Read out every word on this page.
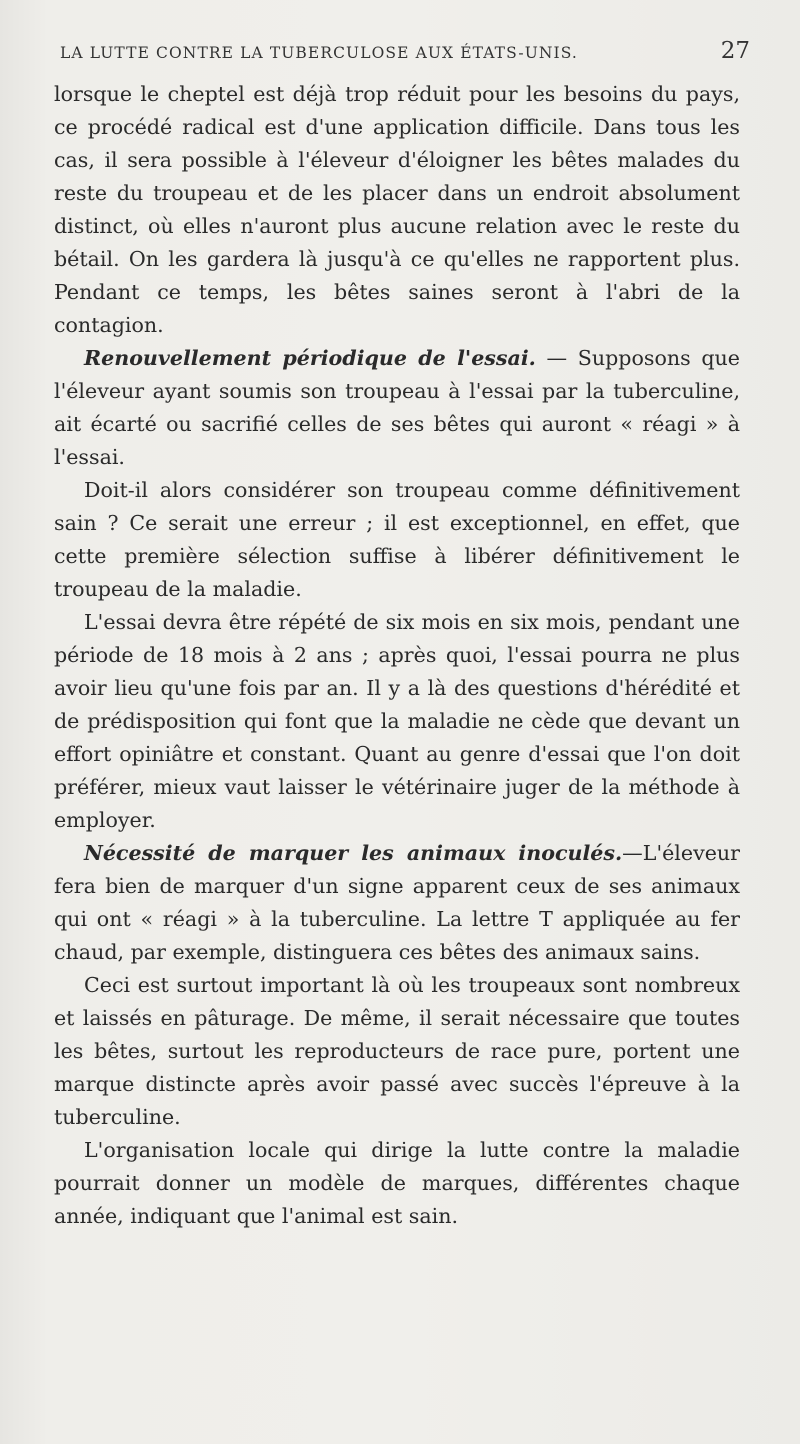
LA LUTTE CONTRE LA TUBERCULOSE AUX ÉTATS-UNIS.	27

lorsque le cheptel est déjà trop réduit pour les besoins du pays, ce procédé radical est d'une application difficile. Dans tous les cas, il sera possible à l'éleveur d'éloigner les bêtes malades du reste du troupeau et de les placer dans un endroit absolument distinct, où elles n'auront plus aucune relation avec le reste du bétail. On les gardera là jusqu'à ce qu'elles ne rapportent plus. Pendant ce temps, les bêtes saines seront à l'abri de la contagion.

Renouvellement périodique de l'essai. — Supposons que l'éleveur ayant soumis son troupeau à l'essai par la tuberculine, ait écarté ou sacrifié celles de ses bêtes qui auront « réagi » à l'essai.

Doit-il alors considérer son troupeau comme définitivement sain ? Ce serait une erreur ; il est exceptionnel, en effet, que cette première sélection suffise à libérer définitivement le troupeau de la maladie.

L'essai devra être répété de six mois en six mois, pendant une période de 18 mois à 2 ans ; après quoi, l'essai pourra ne plus avoir lieu qu'une fois par an. Il y a là des questions d'hérédité et de prédisposition qui font que la maladie ne cède que devant un effort opiniâtre et constant. Quant au genre d'essai que l'on doit préférer, mieux vaut laisser le vétérinaire juger de la méthode à employer.

Nécessité de marquer les animaux inoculés.—L'éleveur fera bien de marquer d'un signe apparent ceux de ses animaux qui ont « réagi » à la tuberculine. La lettre T appliquée au fer chaud, par exemple, distinguera ces bêtes des animaux sains.

Ceci est surtout important là où les troupeaux sont nombreux et laissés en pâturage. De même, il serait nécessaire que toutes les bêtes, surtout les reproducteurs de race pure, portent une marque distincte après avoir passé avec succès l'épreuve à la tuberculine.

L'organisation locale qui dirige la lutte contre la maladie pourrait donner un modèle de marques, différentes chaque année, indiquant que l'animal est sain.
